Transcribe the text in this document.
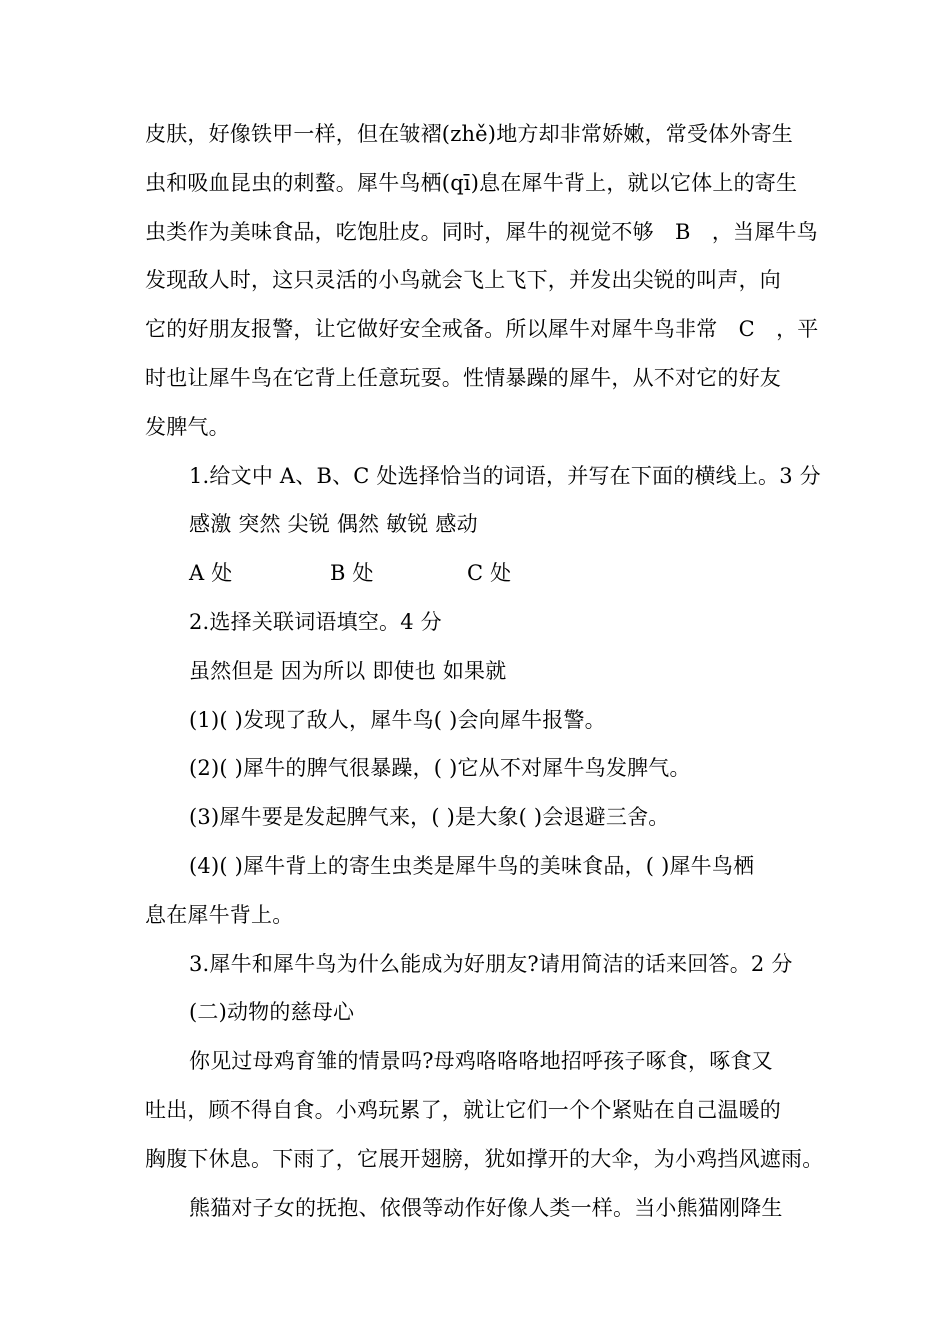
皮肤，好像铁甲一样，但在皱褶(zhě)地方却非常娇嫩，常受体外寄生
虫和吸血昆虫的刺螯。犀牛鸟栖(qī)息在犀牛背上，就以它体上的寄生
虫类作为美味食品，吃饱肚皮。同时，犀牛的视觉不够　B　，当犀牛鸟
发现敌人时，这只灵活的小鸟就会飞上飞下，并发出尖锐的叫声，向
它的好朋友报警，让它做好安全戒备。所以犀牛对犀牛鸟非常　C　，平
时也让犀牛鸟在它背上任意玩耍。性情暴躁的犀牛，从不对它的好友
发脾气。
1.给文中 A、B、C 处选择恰当的词语，并写在下面的横线上。3 分
感激 突然 尖锐 偶然 敏锐 感动
A 处	B 处	C 处
2.选择关联词语填空。4 分
虽然但是 因为所以 即使也 如果就
(1)( )发现了敌人，犀牛鸟( )会向犀牛报警。
(2)( )犀牛的脾气很暴躁，( )它从不对犀牛鸟发脾气。
(3)犀牛要是发起脾气来，( )是大象( )会退避三舍。
(4)( )犀牛背上的寄生虫类是犀牛鸟的美味食品，( )犀牛鸟栖
息在犀牛背上。
3.犀牛和犀牛鸟为什么能成为好朋友?请用简洁的话来回答。2 分
(二)动物的慈母心
你见过母鸡育雏的情景吗?母鸡咯咯咯地招呼孩子啄食，啄食又
吐出，顾不得自食。小鸡玩累了，就让它们一个个紧贴在自己温暖的
胸腹下休息。下雨了，它展开翅膀，犹如撑开的大伞，为小鸡挡风遮雨。
熊猫对子女的抚抱、依偎等动作好像人类一样。当小熊猫刚降生
